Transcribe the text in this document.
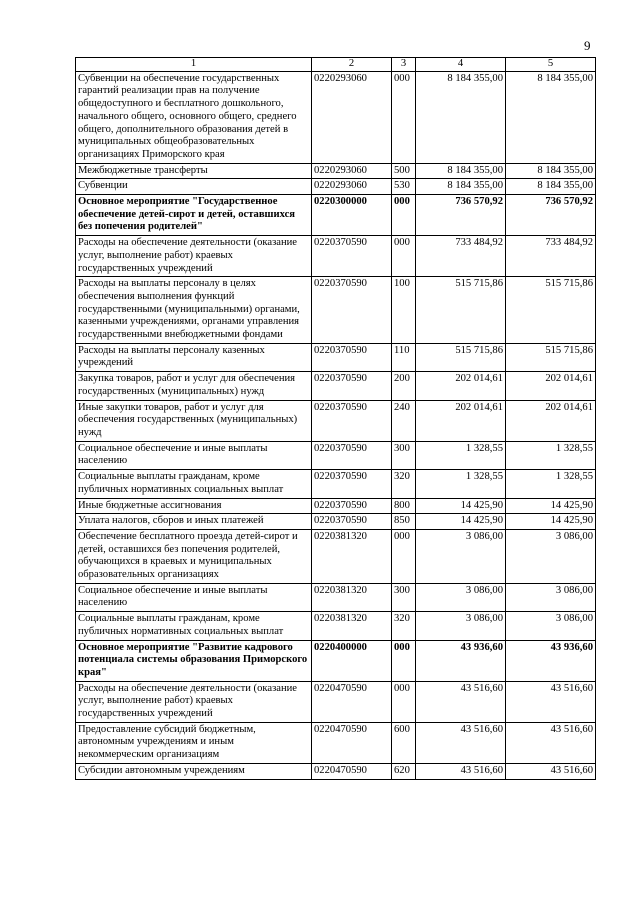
9
1	2	3	4	5
Субвенции на обеспечение государственных гарантий реализации прав на получение общедоступного и бесплатного дошкольного, начального общего, основного общего, среднего общего, дополнительного образования детей в муниципальных общеобразовательных организациях Приморского края	0220293060	000	8 184 355,00	8 184 355,00
Межбюджетные трансферты	0220293060	500	8 184 355,00	8 184 355,00
Субвенции	0220293060	530	8 184 355,00	8 184 355,00
Основное мероприятие "Государственное обеспечение детей-сирот и детей, оставшихся без попечения родителей"	0220300000	000	736 570,92	736 570,92
Расходы на обеспечение деятельности (оказание услуг, выполнение работ) краевых государственных учреждений	0220370590	000	733 484,92	733 484,92
Расходы на выплаты персоналу в целях обеспечения выполнения функций государственными (муниципальными) органами, казенными учреждениями, органами управления государственными внебюджетными фондами	0220370590	100	515 715,86	515 715,86
Расходы на выплаты персоналу казенных учреждений	0220370590	110	515 715,86	515 715,86
Закупка товаров, работ и услуг для обеспечения государственных (муниципальных) нужд	0220370590	200	202 014,61	202 014,61
Иные закупки товаров, работ и услуг для обеспечения государственных (муниципальных) нужд	0220370590	240	202 014,61	202 014,61
Социальное обеспечение и иные выплаты населению	0220370590	300	1 328,55	1 328,55
Социальные выплаты гражданам, кроме публичных нормативных социальных выплат	0220370590	320	1 328,55	1 328,55
Иные бюджетные ассигнования	0220370590	800	14 425,90	14 425,90
Уплата налогов, сборов и иных платежей	0220370590	850	14 425,90	14 425,90
Обеспечение бесплатного проезда детей-сирот и детей, оставшихся без попечения родителей, обучающихся в краевых и муниципальных образовательных организациях	0220381320	000	3 086,00	3 086,00
Социальное обеспечение и иные выплаты населению	0220381320	300	3 086,00	3 086,00
Социальные выплаты гражданам, кроме публичных нормативных социальных выплат	0220381320	320	3 086,00	3 086,00
Основное мероприятие "Развитие кадрового потенциала системы образования Приморского края"	0220400000	000	43 936,60	43 936,60
Расходы на обеспечение деятельности (оказание услуг, выполнение работ) краевых государственных учреждений	0220470590	000	43 516,60	43 516,60
Предоставление субсидий бюджетным, автономным учреждениям и иным некоммерческим организациям	0220470590	600	43 516,60	43 516,60
Субсидии автономным учреждениям	0220470590	620	43 516,60	43 516,60
